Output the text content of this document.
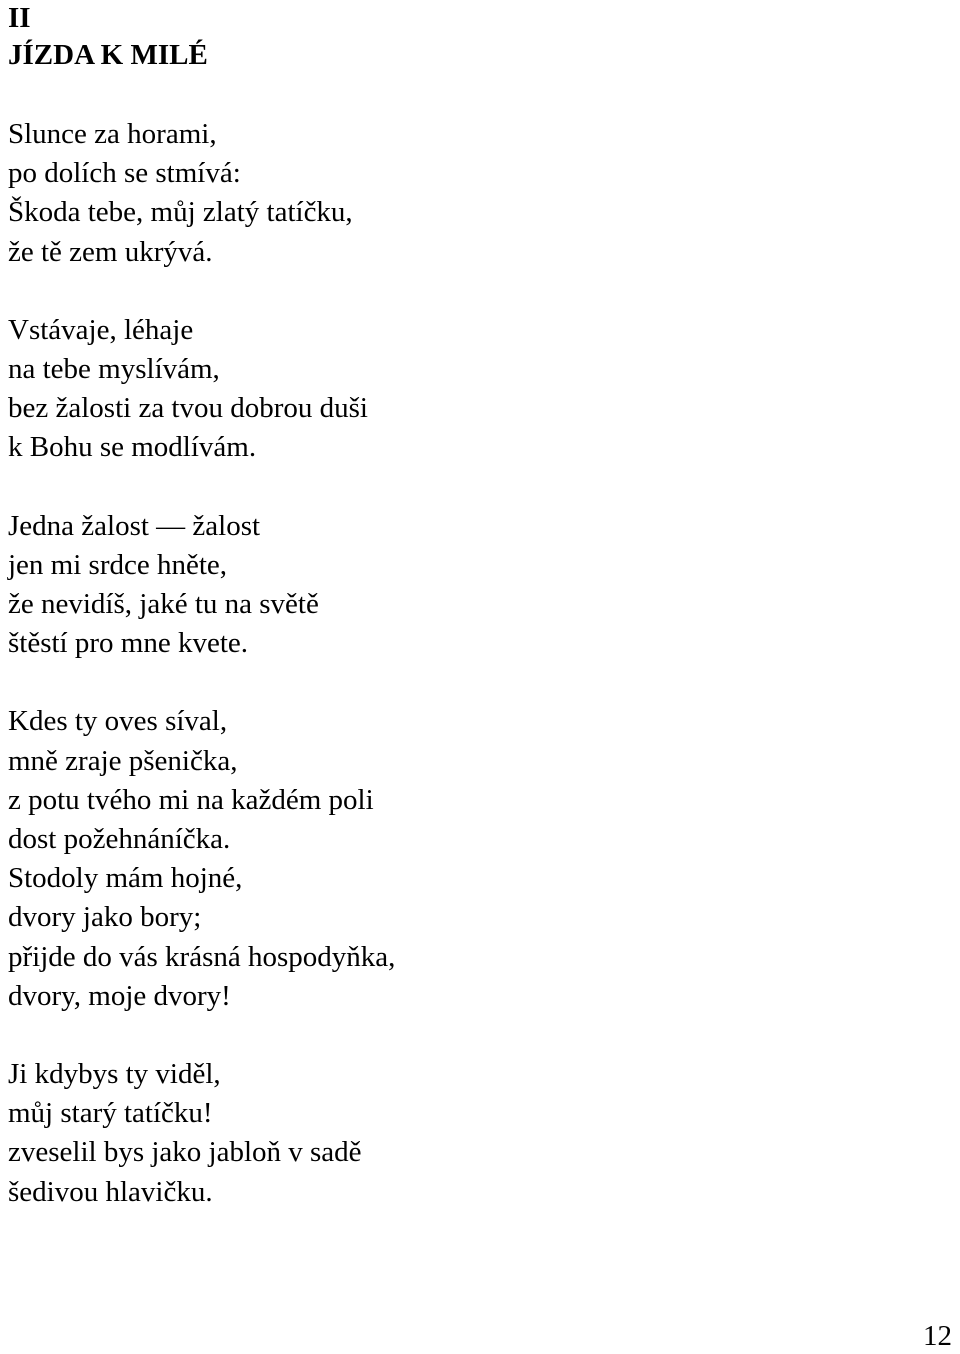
II
JÍZDA K MILÉ
Slunce za horami,
po dolích se stmívá:
Škoda tebe, můj zlatý tatíčku,
že tě zem ukrývá.
Vstávaje, léhaje
na tebe myslívám,
bez žalosti za tvou dobrou duši
k Bohu se modlívám.
Jedna žalost — žalost
jen mi srdce hněte,
že nevidíš, jaké tu na světě
štěstí pro mne kvete.
Kdes ty oves síval,
mně zraje pšenička,
z potu tvého mi na každém poli
dost požehnáníčka.
Stodoly mám hojné,
dvory jako bory;
přijde do vás krásná hospodyňka,
dvory, moje dvory!
Ji kdybys ty viděl,
můj starý tatíčku!
zveselil bys jako jabloň v sadě
šedivou hlavičku.
12
